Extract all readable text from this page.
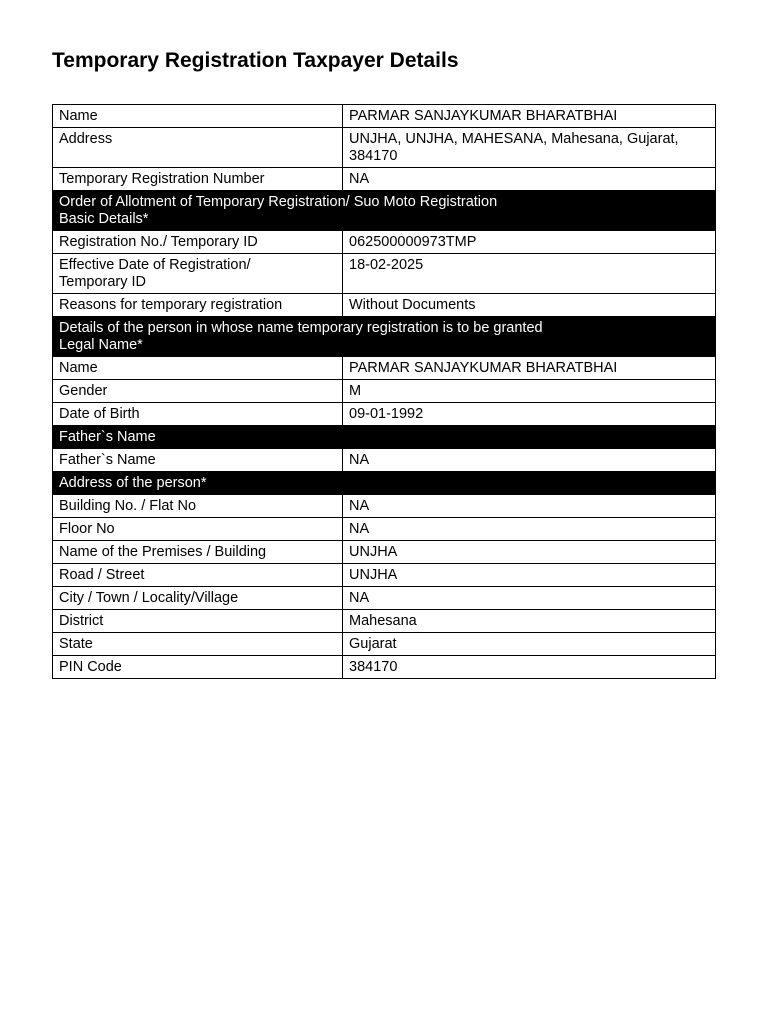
Temporary Registration Taxpayer Details
Name	PARMAR SANJAYKUMAR BHARATBHAI
Address	UNJHA, UNJHA, MAHESANA, Mahesana, Gujarat, 384170
Temporary Registration Number	NA

Order of Allotment of Temporary Registration/ Suo Moto Registration
Basic Details*	

Registration No./ Temporary ID	062500000973TMP

Effective Date of Registration/
Temporary ID	18-02-2025
Reasons for temporary registration	Without Documents

Details of the person in whose name temporary registration is to be granted
Legal Name*	

Name	PARMAR SANJAYKUMAR BHARATBHAI
Gender	M
Date of Birth	09-01-1992
Father`s Name	
Father`s Name	NA
Address of the person*	
Building No. / Flat No	NA
Floor No	NA
Name of the Premises / Building	UNJHA
Road / Street	UNJHA
City / Town / Locality/Village	NA
District	Mahesana
State	Gujarat
PIN Code	384170
